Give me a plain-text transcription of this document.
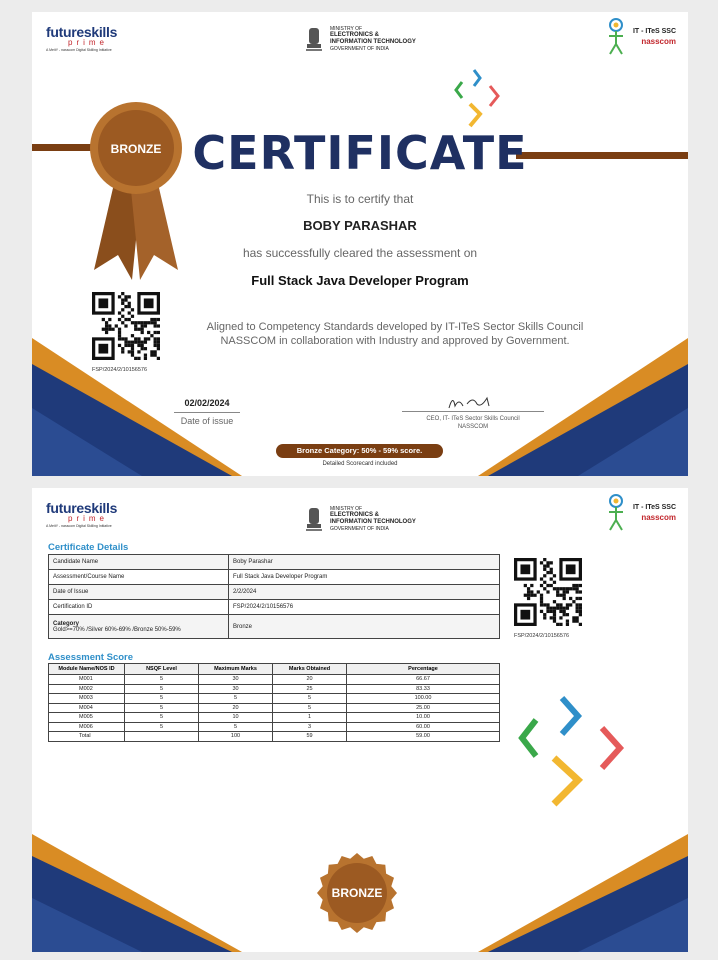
futureskills
prime
A MeitY - nasscom Digital Skilling Initiative
MINISTRY OF
ELECTRONICS &
INFORMATION TECHNOLOGY
GOVERNMENT OF INDIA
IT - ITeS SSC
nasscom
BRONZE CERTIFICATE
This is to certify that
BOBY PARASHAR
has successfully cleared the assessment on
Full Stack Java Developer Program
Aligned to Competency Standards developed by IT-ITeS Sector Skills Council
NASSCOM in collaboration with Industry and approved by Government.
FSP/2024/2/10156576
02/02/2024
Date of issue	CEO, IT- ITeS Sector Skills Council
NASSCOM
Bronze Category: 50% - 59% score.
Detailed Scorecard included
futureskills
prime
A MeitY - nasscom Digital Skilling Initiative
MINISTRY OF
ELECTRONICS &
INFORMATION TECHNOLOGY
GOVERNMENT OF INDIA
IT - ITeS SSC
nasscom
Certificate Details
Candidate Name	Boby Parashar
Assessment/Course Name	Full Stack Java Developer Program
Date of Issue	2/2/2024
Certification ID	FSP/2024/2/10156576

Category
Gold>=70% /Silver 60%-69% /Bronze 50%-59%	Bronze
FSP/2024/2/10156576
Assessment Score
Module Name/NOS ID	NSQF Level	Maximum Marks	Marks Obtained	Percentage
M001	5	30	20	66.67
M002	5	30	25	83.33
M003	5	5	5	100.00
M004	5	20	5	25.00
M005	5	10	1	10.00
M006	5	5	3	60.00
Total		100	59	59.00
BRONZE
